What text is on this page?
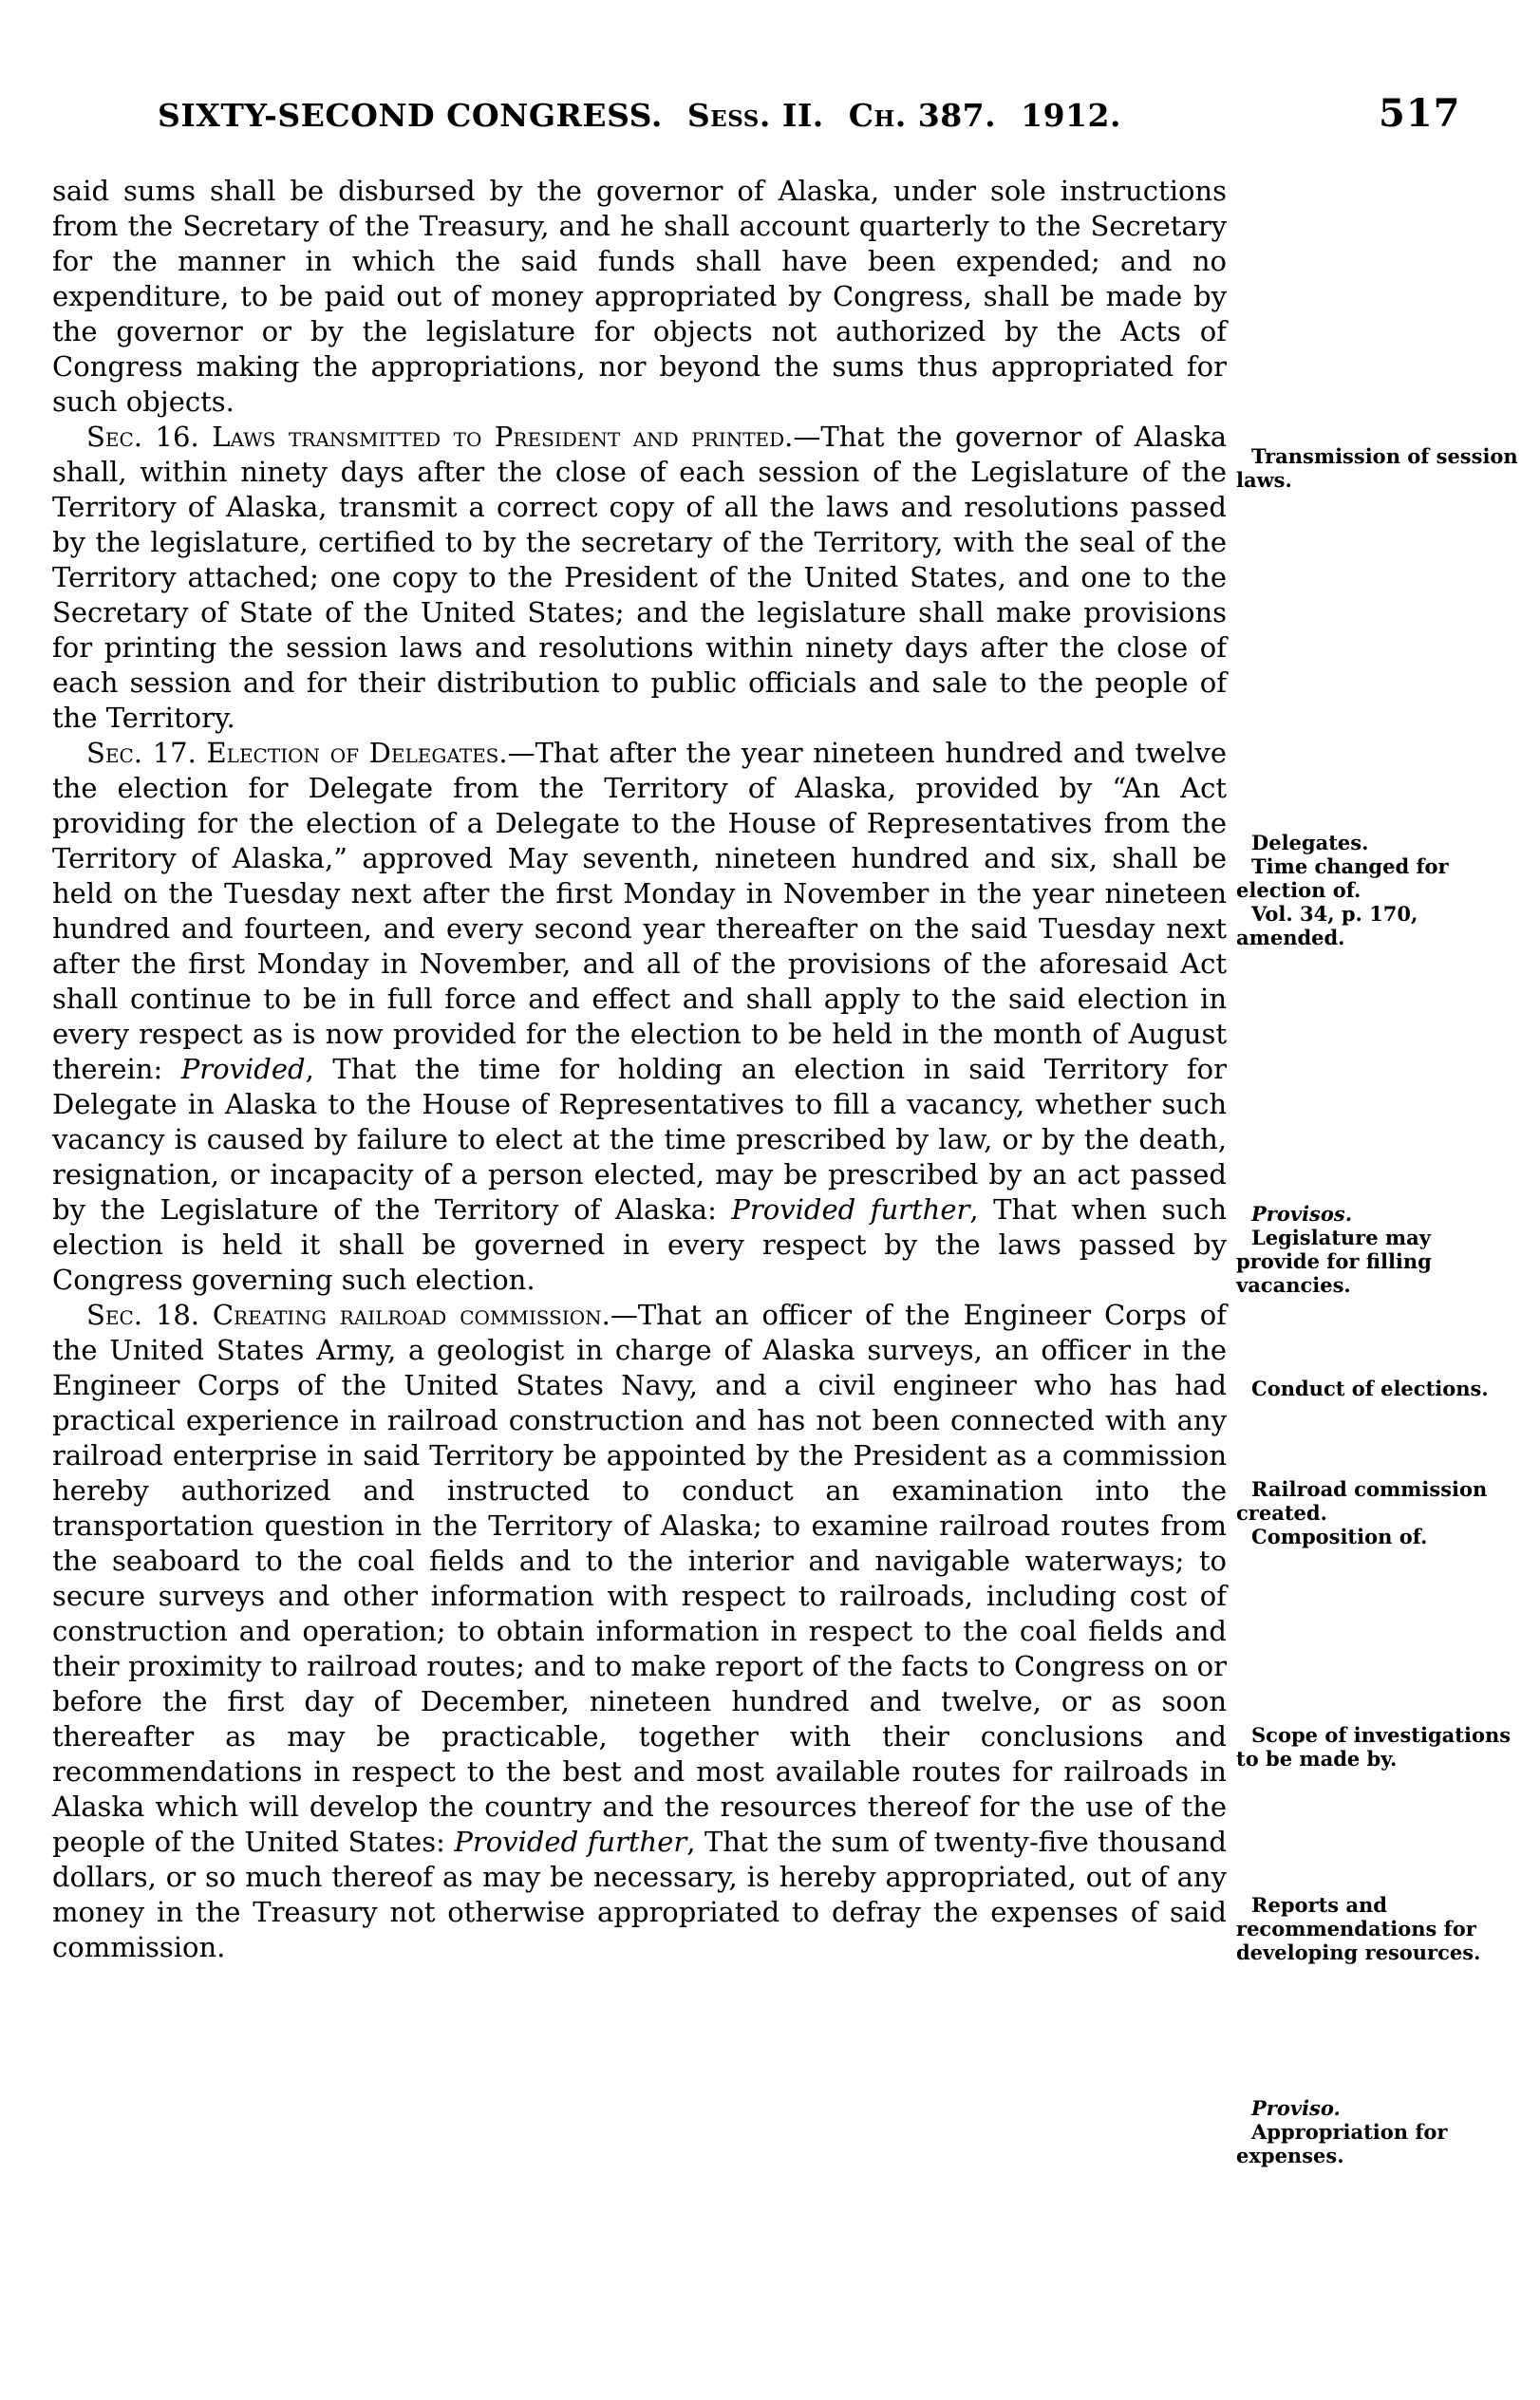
SIXTY-SECOND CONGRESS. Sess. II. Ch. 387. 1912.	517
said sums shall be disbursed by the governor of Alaska, under sole instructions from the Secretary of the Treasury, and he shall account quarterly to the Secretary for the manner in which the said funds shall have been expended; and no expenditure, to be paid out of money appropriated by Congress, shall be made by the governor or by the legislature for objects not authorized by the Acts of Congress making the appropriations, nor beyond the sums thus appropriated for such objects.
Sec. 16. Laws transmitted to President and printed.—That the governor of Alaska shall, within ninety days after the close of each session of the Legislature of the Territory of Alaska, transmit a correct copy of all the laws and resolutions passed by the legislature, certified to by the secretary of the Territory, with the seal of the Territory attached; one copy to the President of the United States, and one to the Secretary of State of the United States; and the legislature shall make provisions for printing the session laws and resolutions within ninety days after the close of each session and for their distribution to public officials and sale to the people of the Territory.
Sec. 17. Election of Delegates.—That after the year nineteen hundred and twelve the election for Delegate from the Territory of Alaska, provided by “An Act providing for the election of a Delegate to the House of Representatives from the Territory of Alaska,” approved May seventh, nineteen hundred and six, shall be held on the Tuesday next after the first Monday in November in the year nineteen hundred and fourteen, and every second year thereafter on the said Tuesday next after the first Monday in November, and all of the provisions of the aforesaid Act shall continue to be in full force and effect and shall apply to the said election in every respect as is now provided for the election to be held in the month of August therein: Provided, That the time for holding an election in said Territory for Delegate in Alaska to the House of Representatives to fill a vacancy, whether such vacancy is caused by failure to elect at the time prescribed by law, or by the death, resignation, or incapacity of a person elected, may be prescribed by an act passed by the Legislature of the Territory of Alaska: Provided further, That when such election is held it shall be governed in every respect by the laws passed by Congress governing such election.
Sec. 18. Creating railroad commission.—That an officer of the Engineer Corps of the United States Army, a geologist in charge of Alaska surveys, an officer in the Engineer Corps of the United States Navy, and a civil engineer who has had practical experience in railroad construction and has not been connected with any railroad enterprise in said Territory be appointed by the President as a commission hereby authorized and instructed to conduct an examination into the transportation question in the Territory of Alaska; to examine railroad routes from the seaboard to the coal fields and to the interior and navigable waterways; to secure surveys and other information with respect to railroads, including cost of construction and operation; to obtain information in respect to the coal fields and their proximity to railroad routes; and to make report of the facts to Congress on or before the first day of December, nineteen hundred and twelve, or as soon thereafter as may be practicable, together with their conclusions and recommendations in respect to the best and most available routes for railroads in Alaska which will develop the country and the resources thereof for the use of the people of the United States: Provided further, That the sum of twenty-five thousand dollars, or so much thereof as may be necessary, is hereby appropriated, out of any money in the Treasury not otherwise appropriated to defray the expenses of said commission.
Transmission of session laws.
Delegates.
Time changed for election of.
Vol. 34, p. 170, amended.
Provisos.
Legislature may provide for filling vacancies.
Conduct of elections.
Railroad commission created.
Composition of.
Scope of investigations to be made by.
Reports and recommendations for developing resources.
Proviso.
Appropriation for expenses.
